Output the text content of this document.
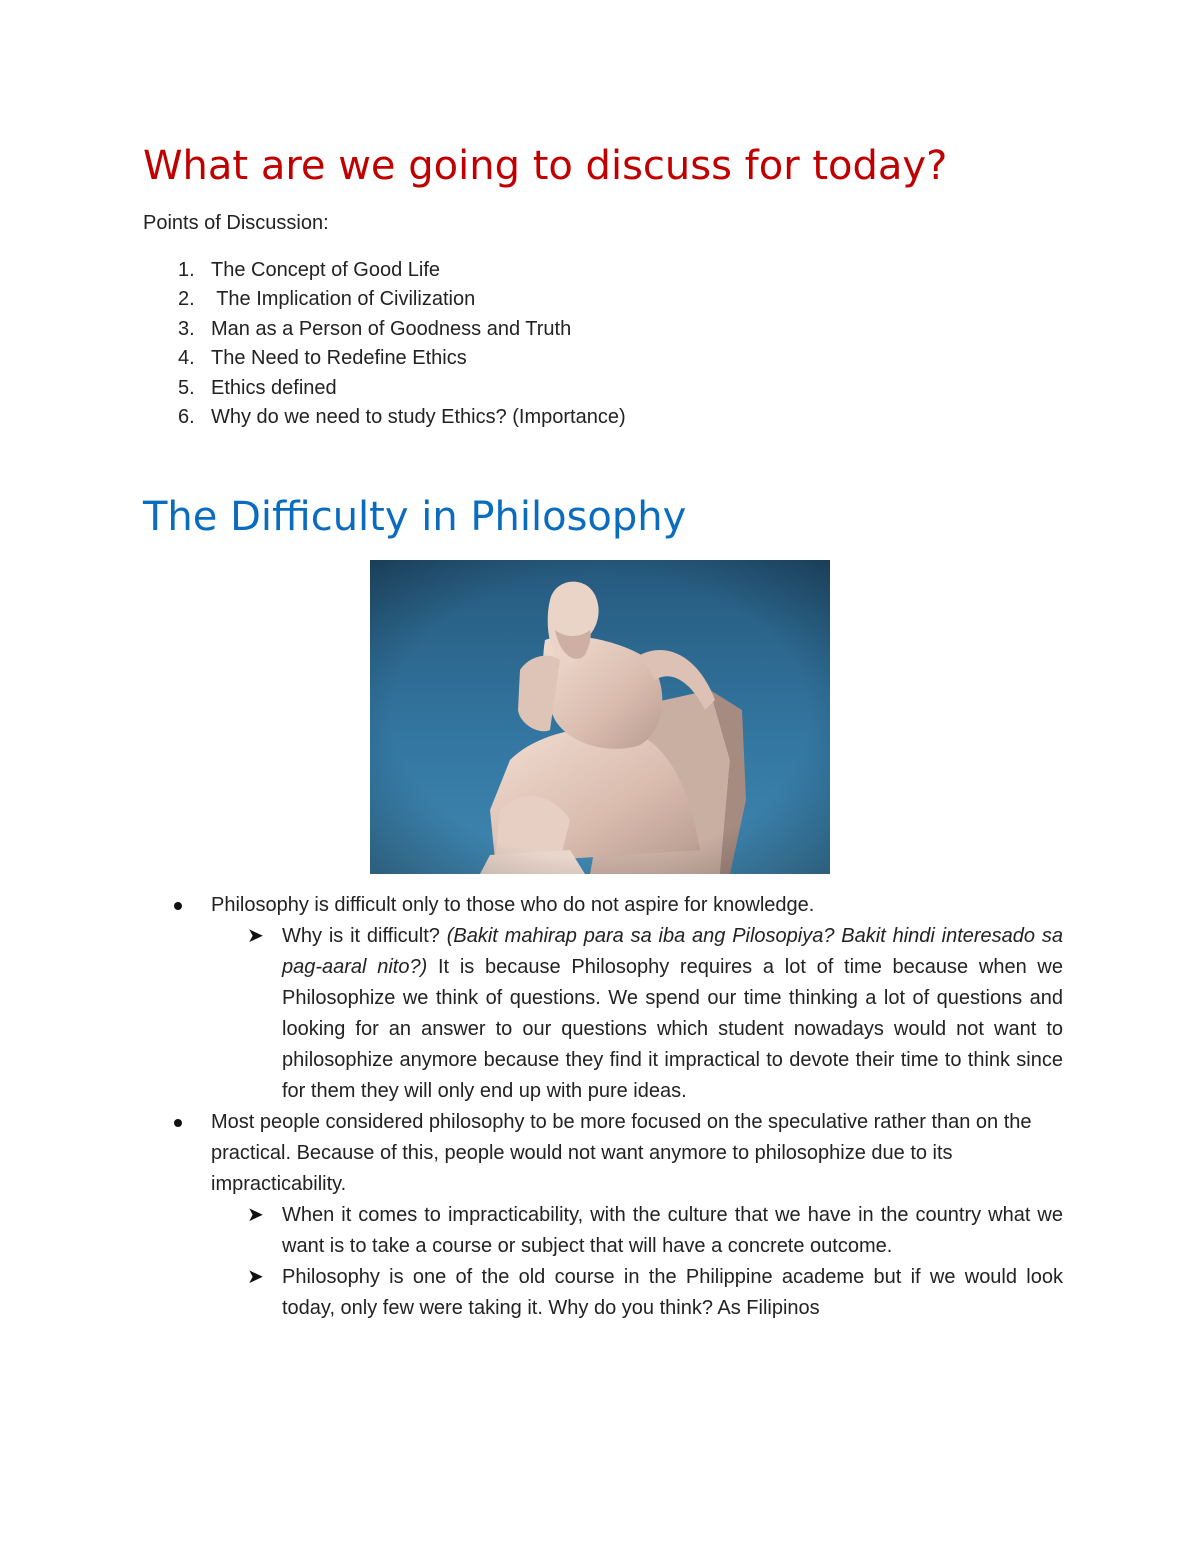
What are we going to discuss for today?
Points of Discussion:
1. The Concept of Good Life
2. The Implication of Civilization
3. Man as a Person of Goodness and Truth
4. The Need to Redefine Ethics
5. Ethics defined
6. Why do we need to study Ethics? (Importance)
The Difficulty in Philosophy
Philosophy is difficult only to those who do not aspire for knowledge.
➤ Why is it difficult? (Bakit mahirap para sa iba ang Pilosopiya? Bakit hindi interesado sa pag-aaral nito?) It is because Philosophy requires a lot of time because when we Philosophize we think of questions. We spend our time thinking a lot of questions and looking for an answer to our questions which student nowadays would not want to philosophize anymore because they find it impractical to devote their time to think since for them they will only end up with pure ideas.
Most people considered philosophy to be more focused on the speculative rather than on the practical. Because of this, people would not want anymore to philosophize due to its impracticability.
➤ When it comes to impracticability, with the culture that we have in the country what we want is to take a course or subject that will have a concrete outcome.
➤ Philosophy is one of the old course in the Philippine academe but if we would look today, only few were taking it. Why do you think? As Filipinos
